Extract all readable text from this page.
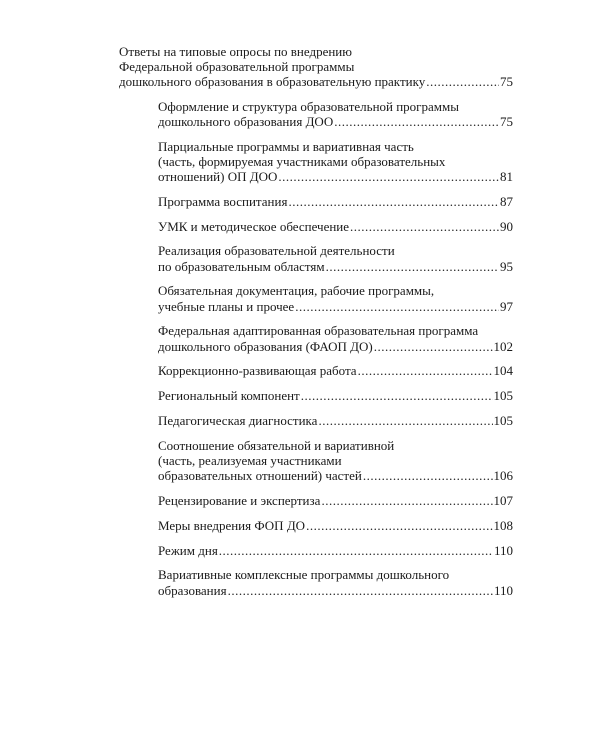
Ответы на типовые опросы по внедрению
Федеральной образовательной программы
дошкольного образования в образовательную практику .....	75
Оформление и структура образовательной программы
дошкольного образования ДОО .....	75
Парциальные программы и вариативная часть
(часть, формируемая участниками образовательных
отношений) ОП ДОО .....	81
Программа воспитания .....	87
УМК и методическое обеспечение .....	90
Реализация образовательной деятельности
по образовательным областям .....	95
Обязательная документация, рабочие программы,
учебные планы и прочее .....	97
Федеральная адаптированная образовательная программа
дошкольного образования (ФАОП ДО) .....	102
Коррекционно-развивающая работа .....	104
Региональный компонент .....	105
Педагогическая диагностика .....	105
Соотношение обязательной и вариативной
(часть, реализуемая участниками
образовательных отношений) частей .....	106
Рецензирование и экспертиза .....	107
Меры внедрения ФОП ДО .....	108
Режим дня .....	110
Вариативные комплексные программы дошкольного
образования .....	110
